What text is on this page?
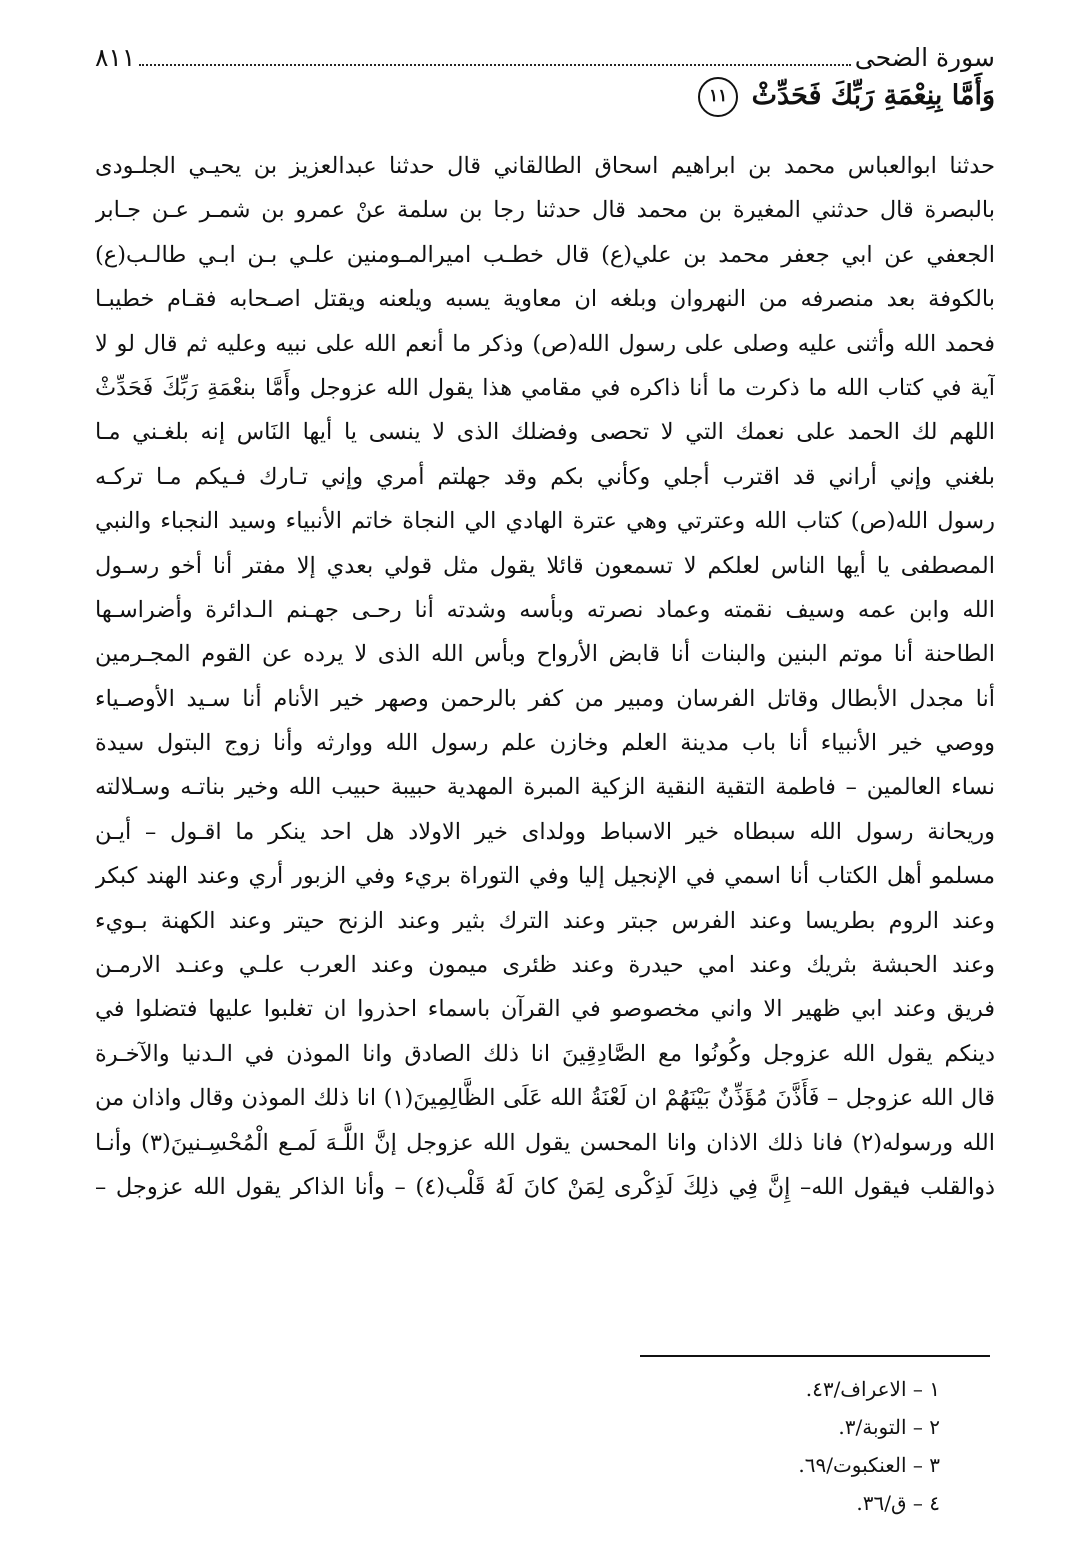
سورة الضحى
٨١١
وَأَمَّا بِنِعْمَةِ رَبِّكَ فَحَدِّثْ ١١
حدثنا ابوالعباس محمد بن ابراهيم اسحاق الطالقاني قال حدثنا عبدالعزيز بن يحيـي الجلـودى
بالبصرة قال حدثني المغيرة بن محمد قال حدثنا رجا بن سلمة عنْ عمرو بن شمـر عـن جـابر
الجعفي عن ابي جعفر محمد بن علي(ع) قال خطـب اميرالمـومنين علـي بـن ابـي طالـب(ع)
بالكوفة بعد منصرفه من النهروان وبلغه ان معاوية يسبه ويلعنه ويقتل اصـحابه فقـام خطيبـا
فحمد الله وأثنى عليه وصلى على رسول الله(ص) وذكر ما أنعم الله على نبيه وعليه ثم قال لو لا
آية في كتاب الله ما ذكرت ما أنا ذاكره في مقامي هذا يقول الله عزوجل وأَمَّا بنعْمَةِ رَبِّكَ فَحَدِّثْ
اللهم لك الحمد على نعمك التي لا تحصى وفضلك الذى لا ينسى يا أيها النَاس إنه بلغـني مـا
بلغني وإني أراني قد اقترب أجلي وكأني بكم وقد جهلتم أمري وإني تـارك فـيكم مـا تركـه
رسول الله(ص) كتاب الله وعترتي وهي عترة الهادي الي النجاة خاتم الأنبياء وسيد النجباء والنبي
المصطفى يا أيها الناس لعلكم لا تسمعون قائلا يقول مثل قولي بعدي إلا مفتر أنا أخو رسـول
الله وابن عمه وسيف نقمته وعماد نصرته وبأسه وشدته أنا رحـى جهـنم الـدائرة وأضراسـها
الطاحنة أنا موتم البنين والبنات أنا قابض الأرواح وبأس الله الذى لا يرده عن القوم المجـرمين
أنا مجدل الأبطال وقاتل الفرسان ومبير من كفر بالرحمن وصهر خير الأنام أنا سـيد الأوصـياء
ووصي خير الأنبياء أنا باب مدينة العلم وخازن علم رسول الله ووارثه وأنا زوج البتول سيدة
نساء العالمين – فاطمة التقية النقية الزكية المبرة المهدية حبيبة حبيب الله وخير بناتـه وسـلالته
وريحانة رسول الله سبطاه خير الاسباط وولداى خير الاولاد هل احد ينكر ما اقـول – أيـن
مسلمو أهل الكتاب أنا اسمي في الإنجيل إليا وفي التوراة بريء وفي الزبور أري وعند الهند كبكر
وعند الروم بطريسا وعند الفرس جبتر وعند الترك بثير وعند الزنح حيتر وعند الكهنة بـويء
وعند الحبشة بثريك وعند امي حيدرة وعند ظئرى ميمون وعند العرب علـي وعنـد الارمـن
فريق وعند ابي ظهير الا واني مخصوصو في القرآن باسماء احذروا ان تغلبوا عليها فتضلوا في
دينكم يقول الله عزوجل وكُونُوا مع الصَّادِقِينَ انا ذلك الصادق وانا الموذن في الـدنيا والآخـرة
قال الله عزوجل – فَأَذَّنَ مُؤَذِّنٌ بَيْنَهُمْ ان لَعْنَةُ الله عَلَى الظَّالِمِينَ(١) انا ذلك الموذن وقال واذان من
الله ورسوله(٢) فانا ذلك الاذان وانا المحسن يقول الله عزوجل إنَّ اللَّـهَ لَمـع الْمُحْسِـنينَ(٣) وأنـا
ذوالقلب فيقول الله– إِنَّ فِي ذلِكَ لَذِكْرى لِمَنْ كانَ لَهُ قَلْب(٤) – وأنا الذاكر يقول الله عزوجل –
١ – الاعراف/٤٣.
٢ – التوبة/٣.
٣ – العنكبوت/٦٩.
٤ – ق/٣٦.
